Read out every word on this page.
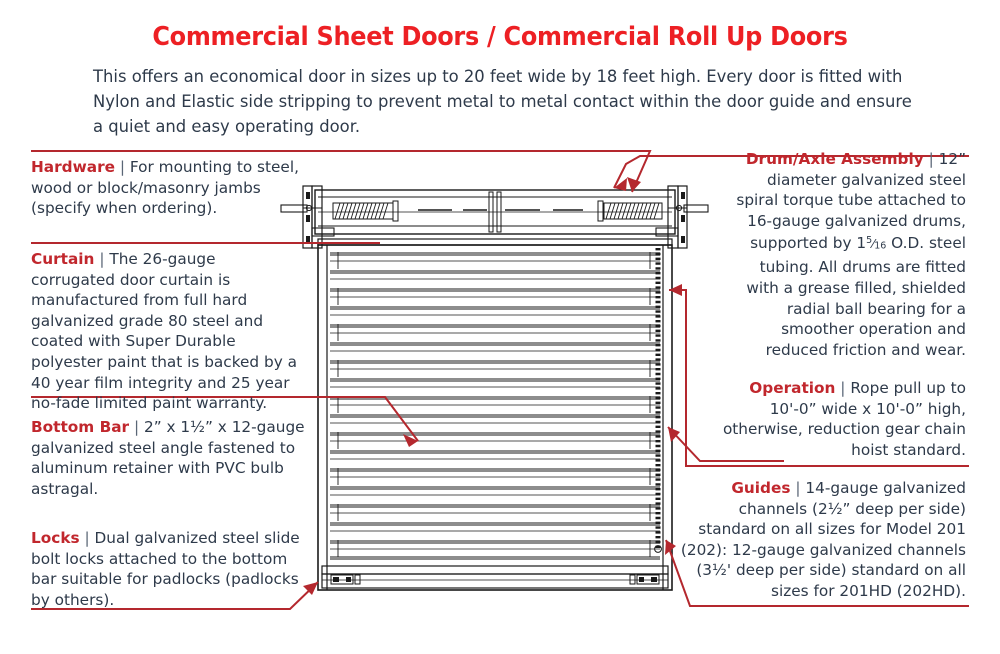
Commercial Sheet Doors / Commercial Roll Up Doors
This offers an economical door in sizes up to 20 feet wide by 18 feet high. Every door is fitted with Nylon and Elastic side stripping to prevent metal to metal contact within the door guide and ensure a quiet and easy operating door.
Hardware | For mounting to steel, wood or block/masonry jambs (specify when ordering).
Curtain | The 26-gauge corrugated door curtain is manufactured from full hard galvanized grade 80 steel and coated with Super Durable polyester paint that is backed by a 40 year film integrity and 25 year no-fade limited paint warranty.
Bottom Bar | 2” x 1½” x 12-gauge galvanized steel angle fastened to aluminum retainer with PVC bulb astragal.
Locks | Dual galvanized steel slide bolt locks attached to the bottom bar suitable for padlocks (padlocks by others).
Drum/Axle Assembly | 12” diameter galvanized steel spiral torque tube attached to 16-gauge galvanized drums, supported by $1^5⁄16$ O.D. steel tubing. All drums are fitted with a grease filled, shielded radial ball bearing for a smoother operation and reduced friction and wear.
Operation | Rope pull up to 10'-0” wide x 10'-0” high, otherwise, reduction gear chain hoist standard.
Guides | 14-gauge galvanized channels (2½” deep per side) standard on all sizes for Model 201 (202): 12-gauge galvanized channels (3½' deep per side) standard on all sizes for 201HD (202HD).
